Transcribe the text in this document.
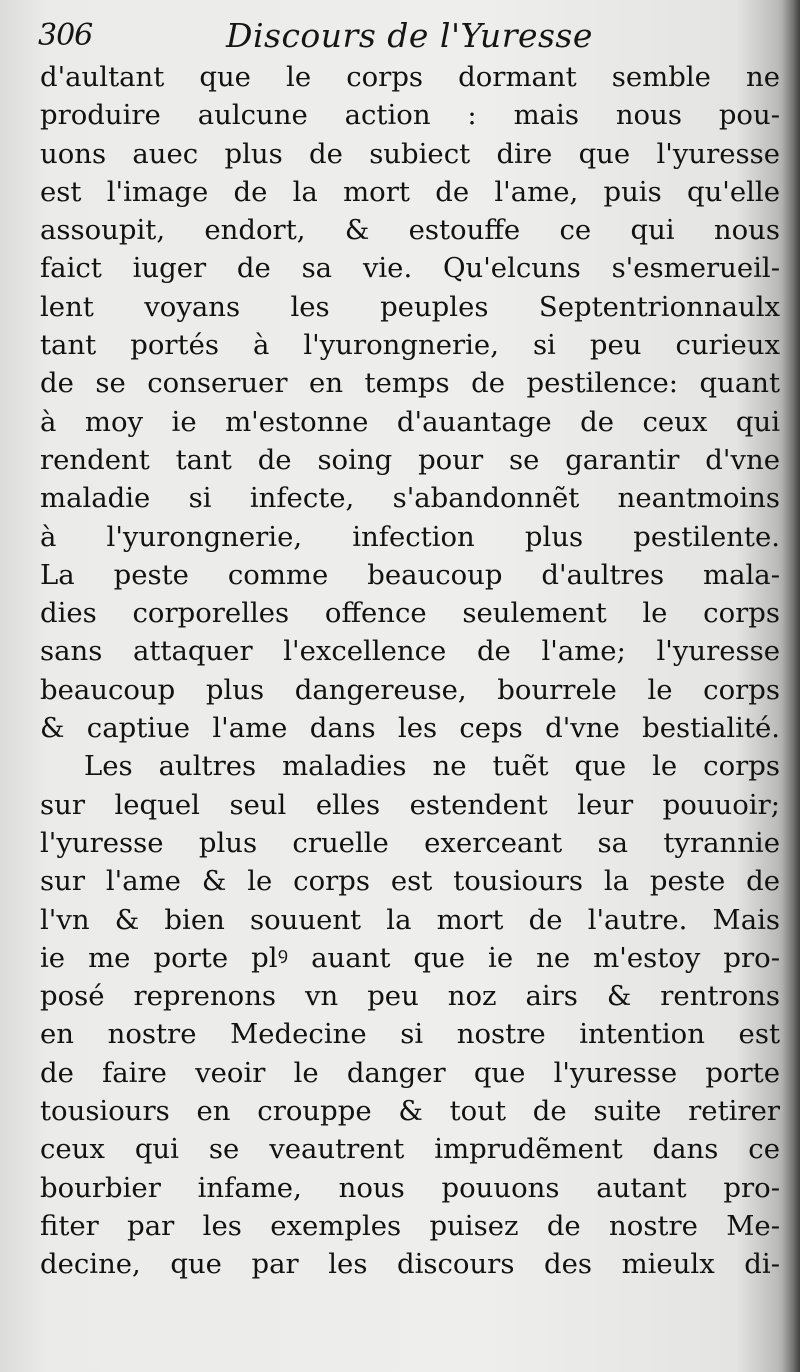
306	Discours de l'Yuresse
d'aultant que le corps dormant semble ne
produire aulcune action : mais nous pou-
uons auec plus de subiect dire que l'yuresse
est l'image de la mort de l'ame, puis qu'elle
assoupit, endort, & estouffe ce qui nous
faict iuger de sa vie. Qu'elcuns s'esmerueil-
lent voyans les peuples Septentrionnaulx
tant portés à l'yurongnerie, si peu curieux
de se conseruer en temps de pestilence: quant
à moy ie m'estonne d'auantage de ceux qui
rendent tant de soing pour se garantir d'vne
maladie si infecte, s'abandonnẽt neantmoins
à l'yurongnerie, infection plus pestilente.
La peste comme beaucoup d'aultres mala-
dies corporelles offence seulement le corps
sans attaquer l'excellence de l'ame; l'yuresse
beaucoup plus dangereuse, bourrele le corps
& captiue l'ame dans les ceps d'vne bestialité.
Les aultres maladies ne tuẽt que le corps
sur lequel seul elles estendent leur pouuoir;
l'yuresse plus cruelle exerceant sa tyrannie
sur l'ame & le corps est tousiours la peste de
l'vn & bien souuent la mort de l'autre. Mais
ie me porte plꝰ auant que ie ne m'estoy pro-
posé reprenons vn peu noz airs & rentrons
en nostre Medecine si nostre intention est
de faire veoir le danger que l'yuresse porte
tousiours en crouppe & tout de suite retirer
ceux qui se veautrent imprudẽment dans ce
bourbier infame, nous pouuons autant pro-
fiter par les exemples puisez de nostre Me-
decine, que par les discours des mieulx di-
